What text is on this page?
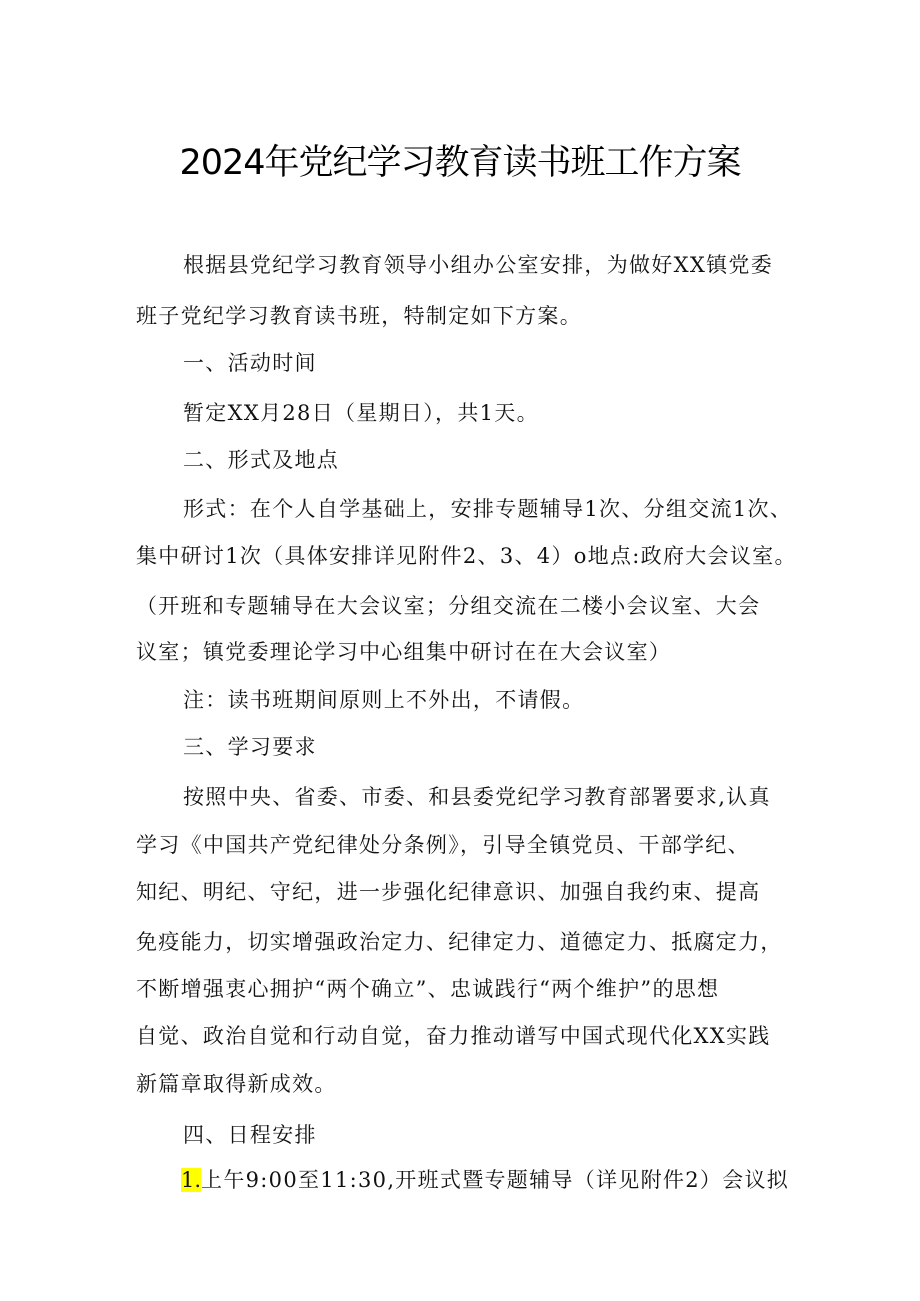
2024年党纪学习教育读书班工作方案
根据县党纪学习教育领导小组办公室安排，为做好XX镇党委
班子党纪学习教育读书班，特制定如下方案。
一、活动时间
暂定XX月28日（星期日），共1天。
二、形式及地点
形式：在个人自学基础上，安排专题辅导1次、分组交流1次、
集中研讨1次（具体安排详见附件2、3、4）o地点:政府大会议室。
（开班和专题辅导在大会议室；分组交流在二楼小会议室、大会
议室；镇党委理论学习中心组集中研讨在在大会议室）
注：读书班期间原则上不外出，不请假。
三、学习要求
按照中央、省委、市委、和县委党纪学习教育部署要求,认真
学习《中国共产党纪律处分条例》，引导全镇党员、干部学纪、
知纪、明纪、守纪，进一步强化纪律意识、加强自我约束、提高
免疫能力，切实增强政治定力、纪律定力、道德定力、抵腐定力，
不断增强衷心拥护“两个确立”、忠诚践行“两个维护”的思想
自觉、政治自觉和行动自觉，奋力推动谱写中国式现代化XX实践
新篇章取得新成效。
四、日程安排
1.上午9:00至11:30,开班式暨专题辅导（详见附件2）会议拟
